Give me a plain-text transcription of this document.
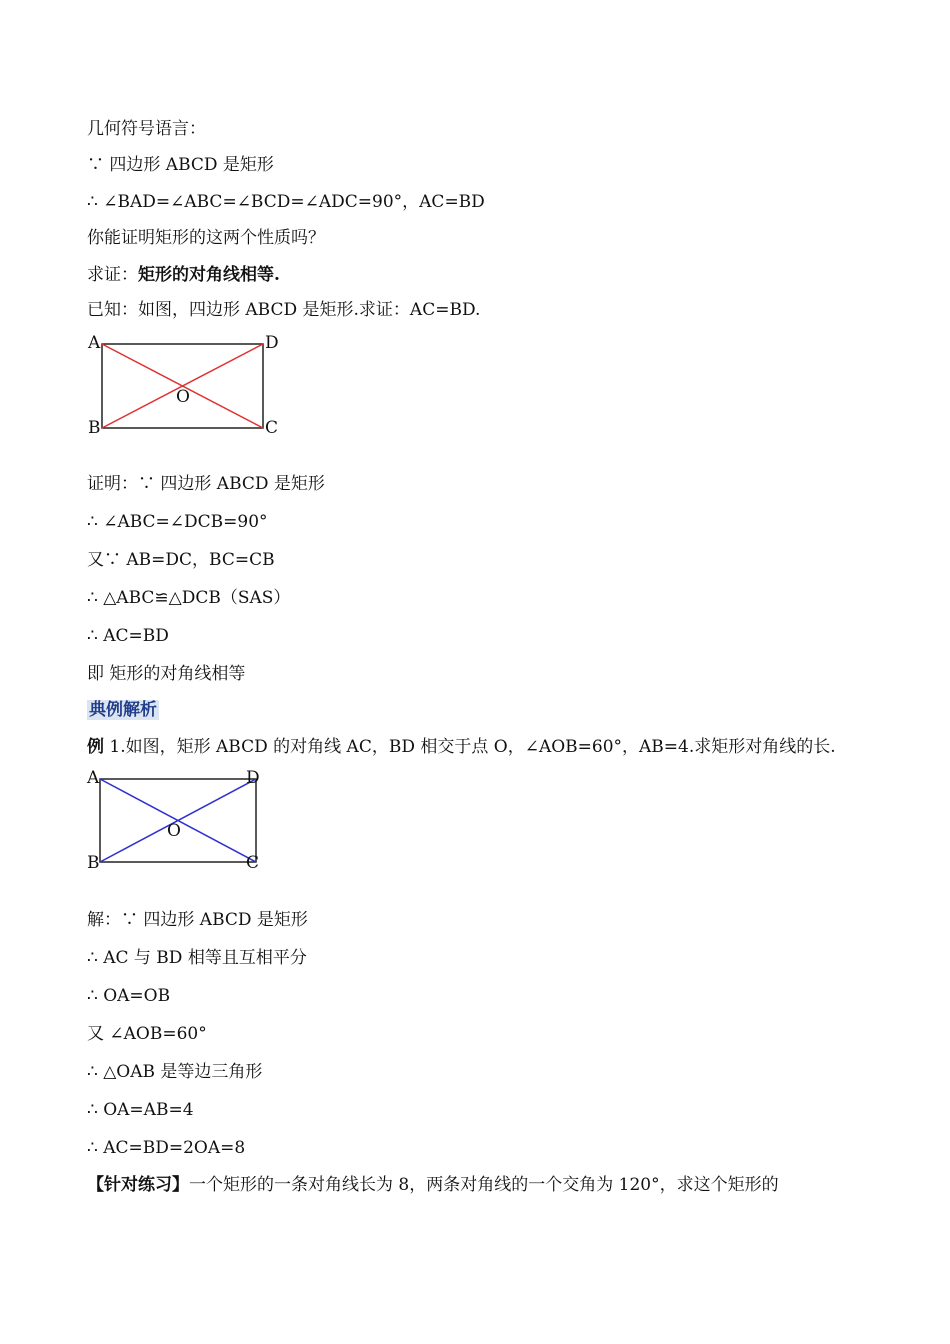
几何符号语言：
∵ 四边形 ABCD 是矩形
∴ ∠BAD=∠ABC=∠BCD=∠ADC=90°，AC=BD
你能证明矩形的这两个性质吗？
求证：矩形的对角线相等.
已知：如图，四边形 ABCD 是矩形.求证：AC=BD.
A	D
B	C
O
证明：∵ 四边形 ABCD 是矩形
∴ ∠ABC=∠DCB=90°
又∵ AB=DC，BC=CB
∴ △ABC≌△DCB（SAS）
∴ AC=BD
即 矩形的对角线相等
典例解析
例 1.如图，矩形 ABCD 的对角线 AC，BD 相交于点 O，∠AOB=60°，AB=4.求矩形对角线的长.
A	D
B	C
O
解：∵ 四边形 ABCD 是矩形
∴ AC 与 BD 相等且互相平分
∴ OA=OB
又 ∠AOB=60°
∴ △OAB 是等边三角形
∴ OA=AB=4
∴ AC=BD=2OA=8
【针对练习】一个矩形的一条对角线长为 8，两条对角线的一个交角为 120°，求这个矩形的
